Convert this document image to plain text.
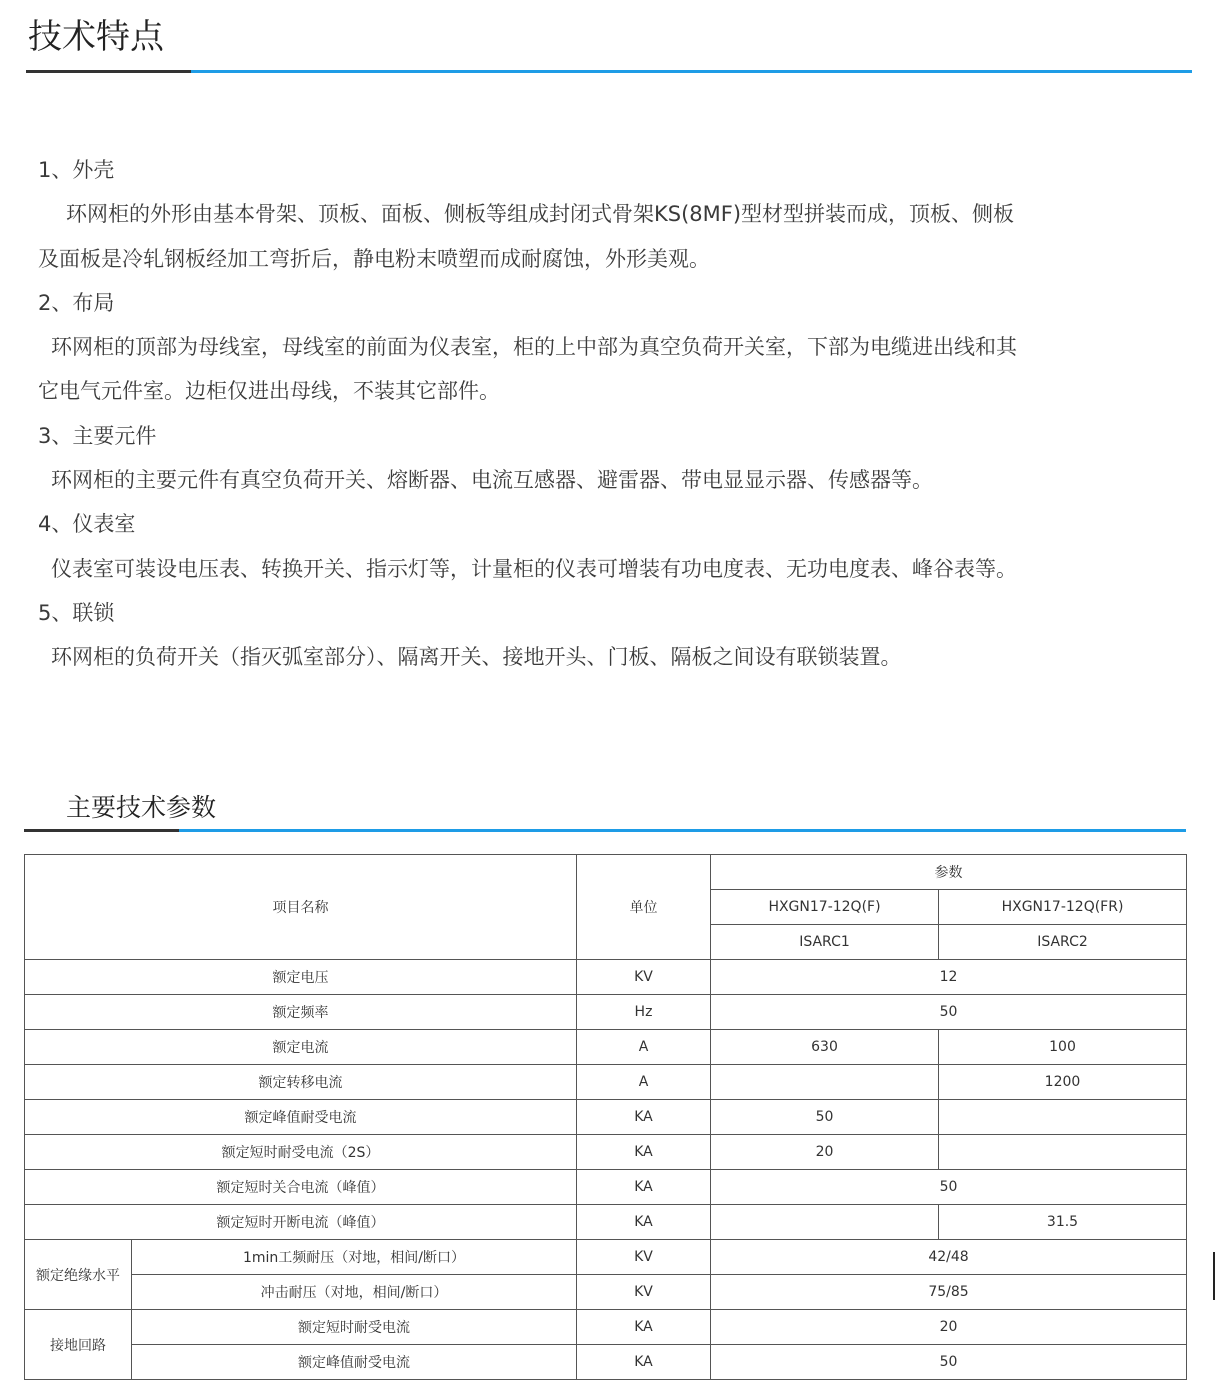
技术特点

1、外壳

环网柜的外形由基本骨架、顶板、面板、侧板等组成封闭式骨架KS(8MF)型材型拼装而成，顶板、侧板及面板是冷轧钢板经加工弯折后，静电粉末喷塑而成耐腐蚀，外形美观。

2、布局

环网柜的顶部为母线室，母线室的前面为仪表室，柜的上中部为真空负荷开关室，下部为电缆进出线和其它电气元件室。边柜仅进出母线，不装其它部件。

3、主要元件

环网柜的主要元件有真空负荷开关、熔断器、电流互感器、避雷器、带电显显示器、传感器等。

4、仪表室

仪表室可装设电压表、转换开关、指示灯等，计量柜的仪表可增装有功电度表、无功电度表、峰谷表等。

5、联锁

环网柜的负荷开关（指灭弧室部分）、隔离开关、接地开头、门板、隔板之间设有联锁装置。

主要技术参数
项目名称		单位	参数	
			HXGN17-12Q(F)	HXGN17-12Q(FR)
			ISARC1	ISARC2
额定电压		KV	12	
额定频率		Hz	50	
额定电流		A	630	100
额定转移电流		A		1200
额定峰值耐受电流		KA	50	
额定短时耐受电流（2S）		KA	20	
额定短时关合电流（峰值）		KA	50	
额定短时开断电流（峰值）		KA		31.5
额定绝缘水平	1min工频耐压（对地，相间/断口）	KV	42/48	
	冲击耐压（对地，相间/断口）	KV	75/85	
接地回路	额定短时耐受电流	KA	20	
	额定峰值耐受电流	KA	50	
